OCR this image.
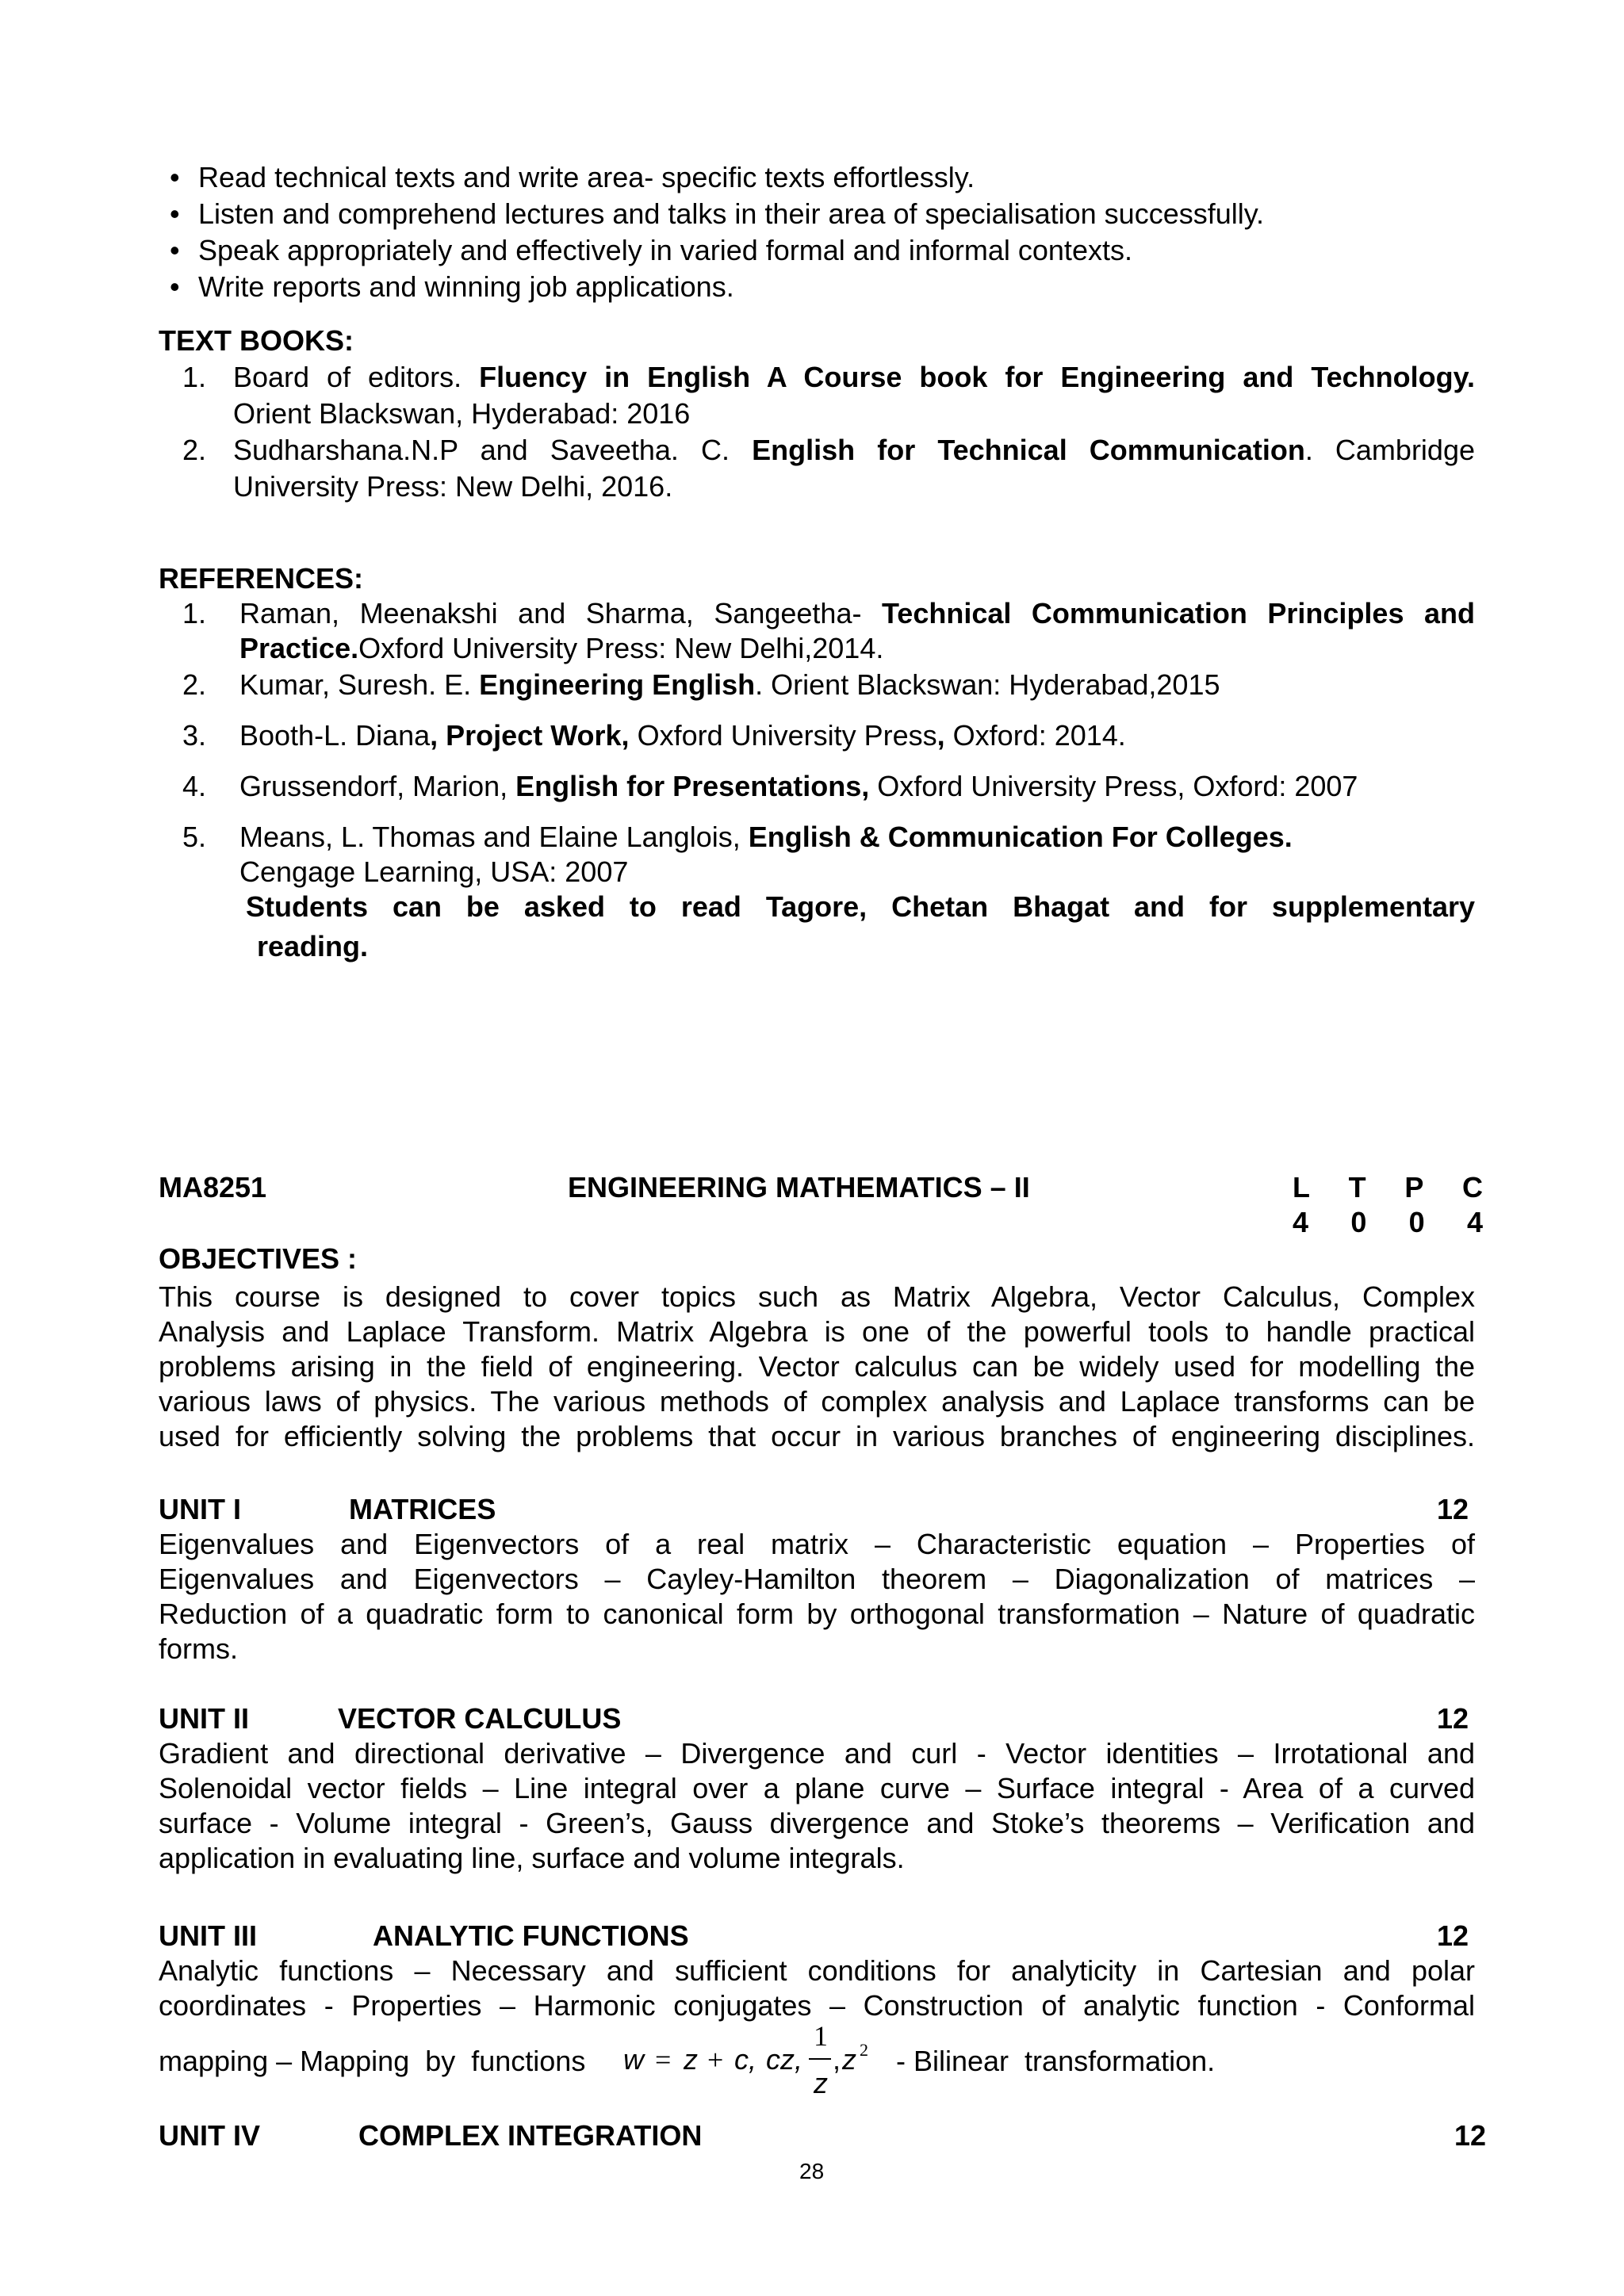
• Read technical texts and write area- specific texts effortlessly.
• Listen and comprehend lectures and talks in their area of specialisation successfully.
• Speak appropriately and effectively in varied formal and informal contexts.
• Write reports and winning job applications.
TEXT BOOKS:
1. Board of editors. Fluency in English A Course book for Engineering and Technology.
Orient Blackswan, Hyderabad: 2016
2. Sudharshana.N.P and Saveetha. C. English for Technical Communication. Cambridge
University Press: New Delhi, 2016.
REFERENCES:
1. Raman, Meenakshi and Sharma, Sangeetha- Technical Communication Principles and
Practice.Oxford University Press: New Delhi,2014.
2. Kumar, Suresh. E. Engineering English. Orient Blackswan: Hyderabad,2015
3. Booth-L. Diana, Project Work, Oxford University Press, Oxford: 2014.
4. Grussendorf, Marion, English for Presentations, Oxford University Press, Oxford: 2007
5. Means, L. Thomas and Elaine Langlois, English & Communication For Colleges.
Cengage Learning, USA: 2007
Students can be asked to read Tagore, Chetan Bhagat and for supplementary
reading.
MA8251	ENGINEERING MATHEMATICS – II	L T P C
4 0 0 4
OBJECTIVES :
This course is designed to cover topics such as Matrix Algebra, Vector Calculus, Complex
Analysis and Laplace Transform. Matrix Algebra is one of the powerful tools to handle practical
problems arising in the field of engineering. Vector calculus can be widely used for modelling the
various laws of physics. The various methods of complex analysis and Laplace transforms can be
used for efficiently solving the problems that occur in various branches of engineering disciplines.
UNIT I	MATRICES	12
Eigenvalues and Eigenvectors of a real matrix – Characteristic equation – Properties of
Eigenvalues and Eigenvectors – Cayley-Hamilton theorem – Diagonalization of matrices –
Reduction of a quadratic form to canonical form by orthogonal transformation – Nature of quadratic
forms.
UNIT II	VECTOR CALCULUS	12
Gradient and directional derivative – Divergence and curl - Vector identities – Irrotational and
Solenoidal vector fields – Line integral over a plane curve – Surface integral - Area of a curved
surface - Volume integral - Green’s, Gauss divergence and Stoke’s theorems – Verification and
application in evaluating line, surface and volume integrals.
UNIT III	ANALYTIC FUNCTIONS	12
Analytic functions – Necessary and sufficient conditions for analyticity in Cartesian and polar
coordinates - Properties – Harmonic conjugates – Construction of analytic function - Conformal
mapping – Mapping  by  functions w = z + c, cz,
1
z
, z 2 - Bilinear  transformation.
UNIT IV	COMPLEX INTEGRATION	12
28
